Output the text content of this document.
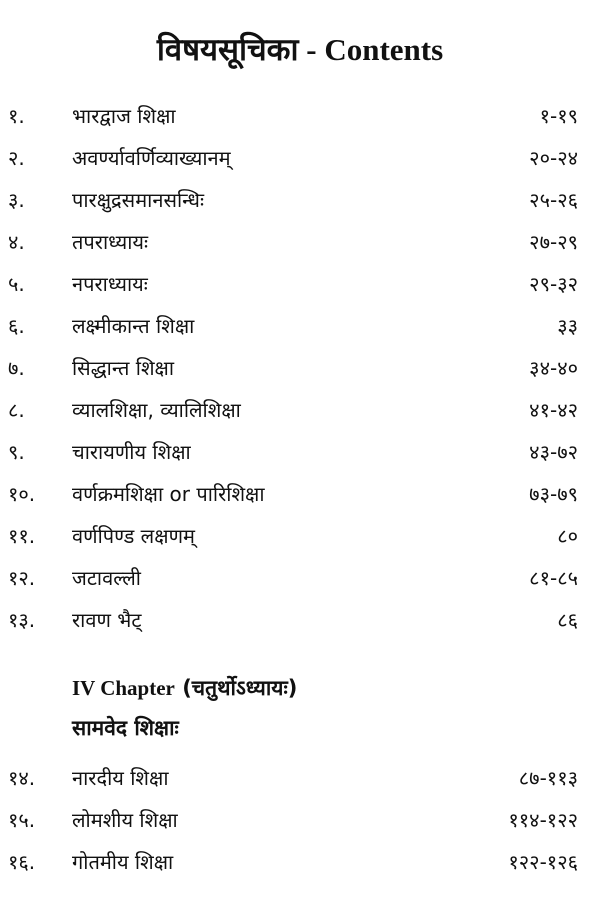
विषयसूचिका - Contents
१.	भारद्वाज शिक्षा	१-१९
२.	अवर्ण्यावर्णिव्याख्यानम्	२०-२४
३.	पारक्षुद्रसमानसन्धिः	२५-२६
४.	तपराध्यायः	२७-२९
५.	नपराध्यायः	२९-३२
६.	लक्ष्मीकान्त शिक्षा	३३
७.	सिद्धान्त शिक्षा	३४-४०
८.	व्यालशिक्षा, व्यालिशिक्षा	४१-४२
९.	चारायणीय शिक्षा	४३-७२
१०.	वर्णक्रमशिक्षा or पारिशिक्षा	७३-७९
११.	वर्णपिण्ड लक्षणम्	८०
१२.	जटावल्ली	८१-८५
१३.	रावण भैट्	८६
IV Chapter (चतुर्थोऽध्यायः)
सामवेद शिक्षाः
१४.	नारदीय शिक्षा	८७-११३
१५.	लोमशीय शिक्षा	११४-१२२
१६.	गोतमीय शिक्षा	१२२-१२६
